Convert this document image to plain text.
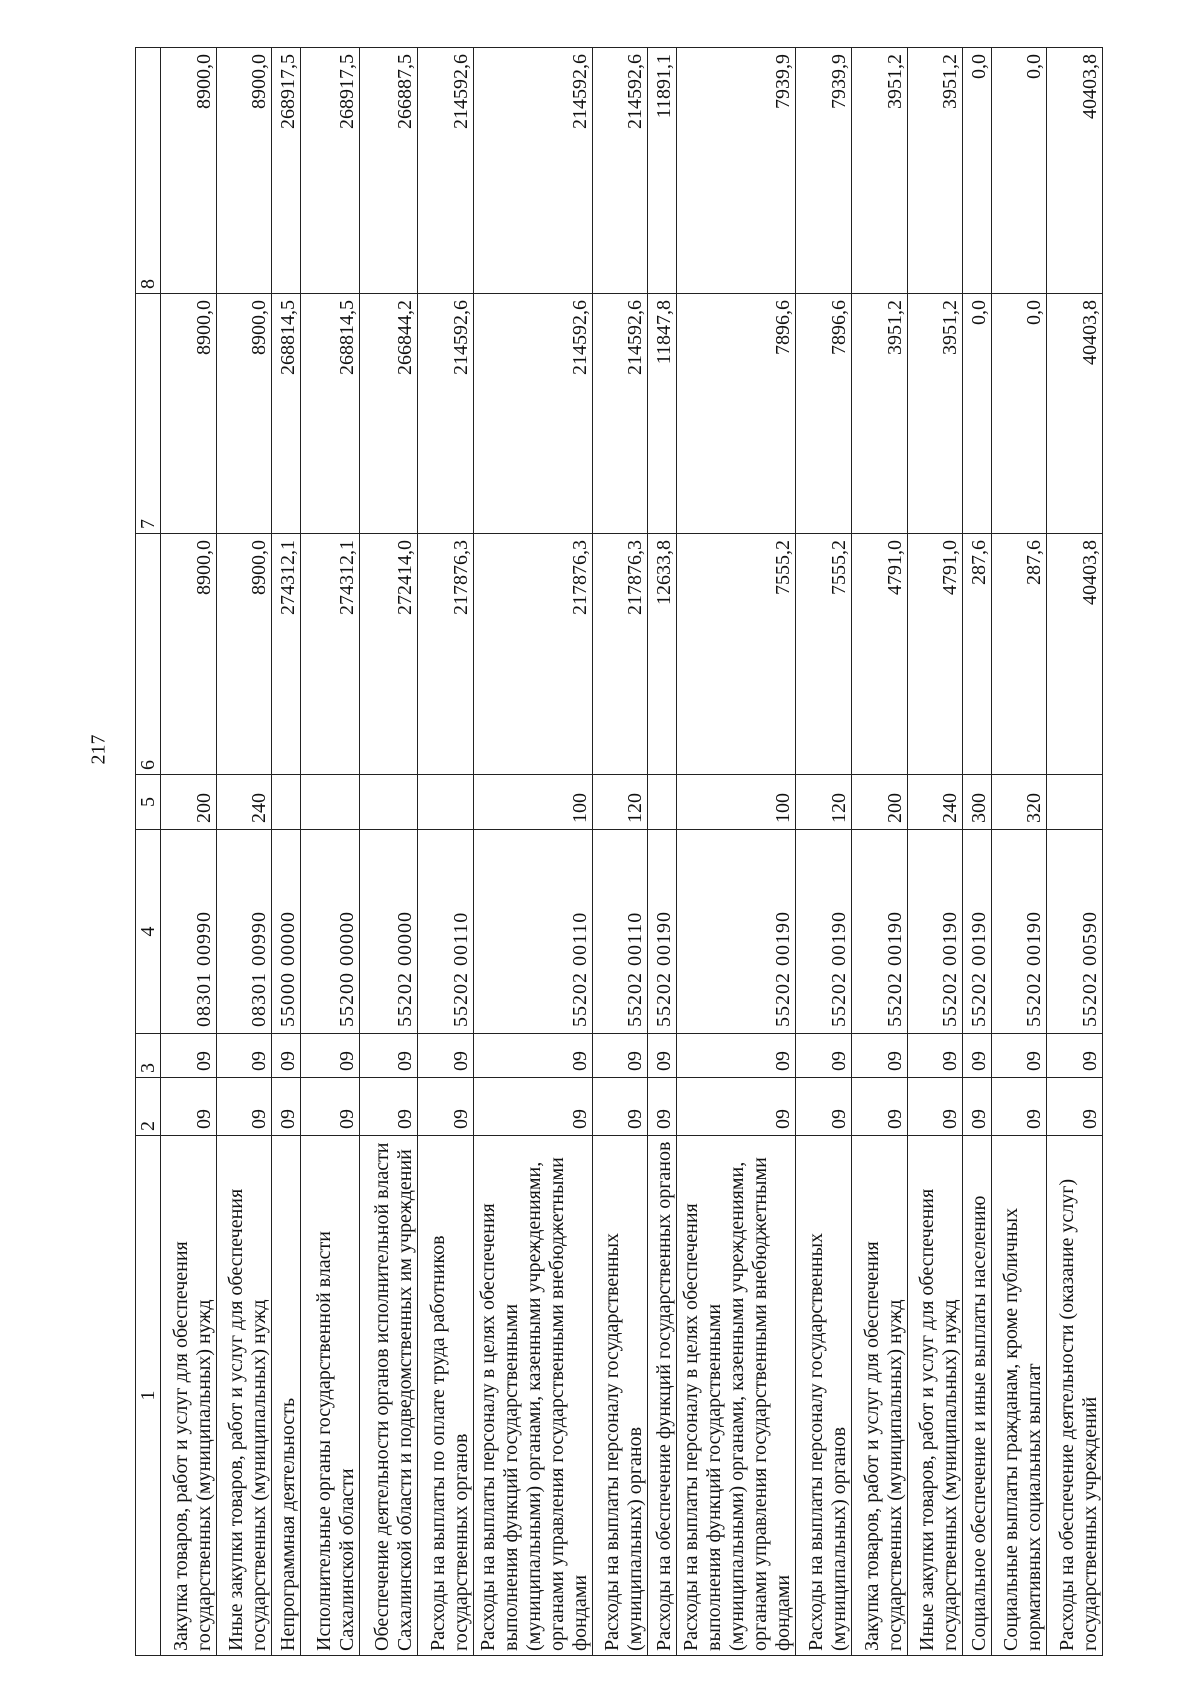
217
1	2	3	4	5	6	7	8
Закупка товаров, работ и услуг для обеспечения государственных (муниципальных) нужд	09	09	08301 00990	200	8900,0	8900,0	8900,0
Иные закупки товаров, работ и услуг для обеспечения государственных (муниципальных) нужд	09	09	08301 00990	240	8900,0	8900,0	8900,0
Непрограммная деятельность	09	09	55000 00000		274312,1	268814,5	268917,5
Исполнительные органы государственной власти Сахалинской области	09	09	55200 00000		274312,1	268814,5	268917,5
Обеспечение деятельности органов исполнительной власти Сахалинской области и подведомственных им учреждений	09	09	55202 00000		272414,0	266844,2	266887,5
Расходы на выплаты по оплате труда работников государственных органов	09	09	55202 00110		217876,3	214592,6	214592,6
Расходы на выплаты персоналу в целях обеспечения выполнения функций государственными (муниципальными) органами, казенными учреждениями, органами управления государственными внебюджетными фондами	09	09	55202 00110	100	217876,3	214592,6	214592,6
Расходы на выплаты персоналу государственных (муниципальных) органов	09	09	55202 00110	120	217876,3	214592,6	214592,6
Расходы на обеспечение функций государственных органов	09	09	55202 00190		12633,8	11847,8	11891,1
Расходы на выплаты персоналу в целях обеспечения выполнения функций государственными (муниципальными) органами, казенными учреждениями, органами управления государственными внебюджетными фондами	09	09	55202 00190	100	7555,2	7896,6	7939,9
Расходы на выплаты персоналу государственных (муниципальных) органов	09	09	55202 00190	120	7555,2	7896,6	7939,9
Закупка товаров, работ и услуг для обеспечения государственных (муниципальных) нужд	09	09	55202 00190	200	4791,0	3951,2	3951,2
Иные закупки товаров, работ и услуг для обеспечения государственных (муниципальных) нужд	09	09	55202 00190	240	4791,0	3951,2	3951,2
Социальное обеспечение и иные выплаты населению	09	09	55202 00190	300	287,6	0,0	0,0
Социальные выплаты гражданам, кроме публичных нормативных социальных выплат	09	09	55202 00190	320	287,6	0,0	0,0
Расходы на обеспечение деятельности (оказание услуг) государственных учреждений	09	09	55202 00590		40403,8	40403,8	40403,8
